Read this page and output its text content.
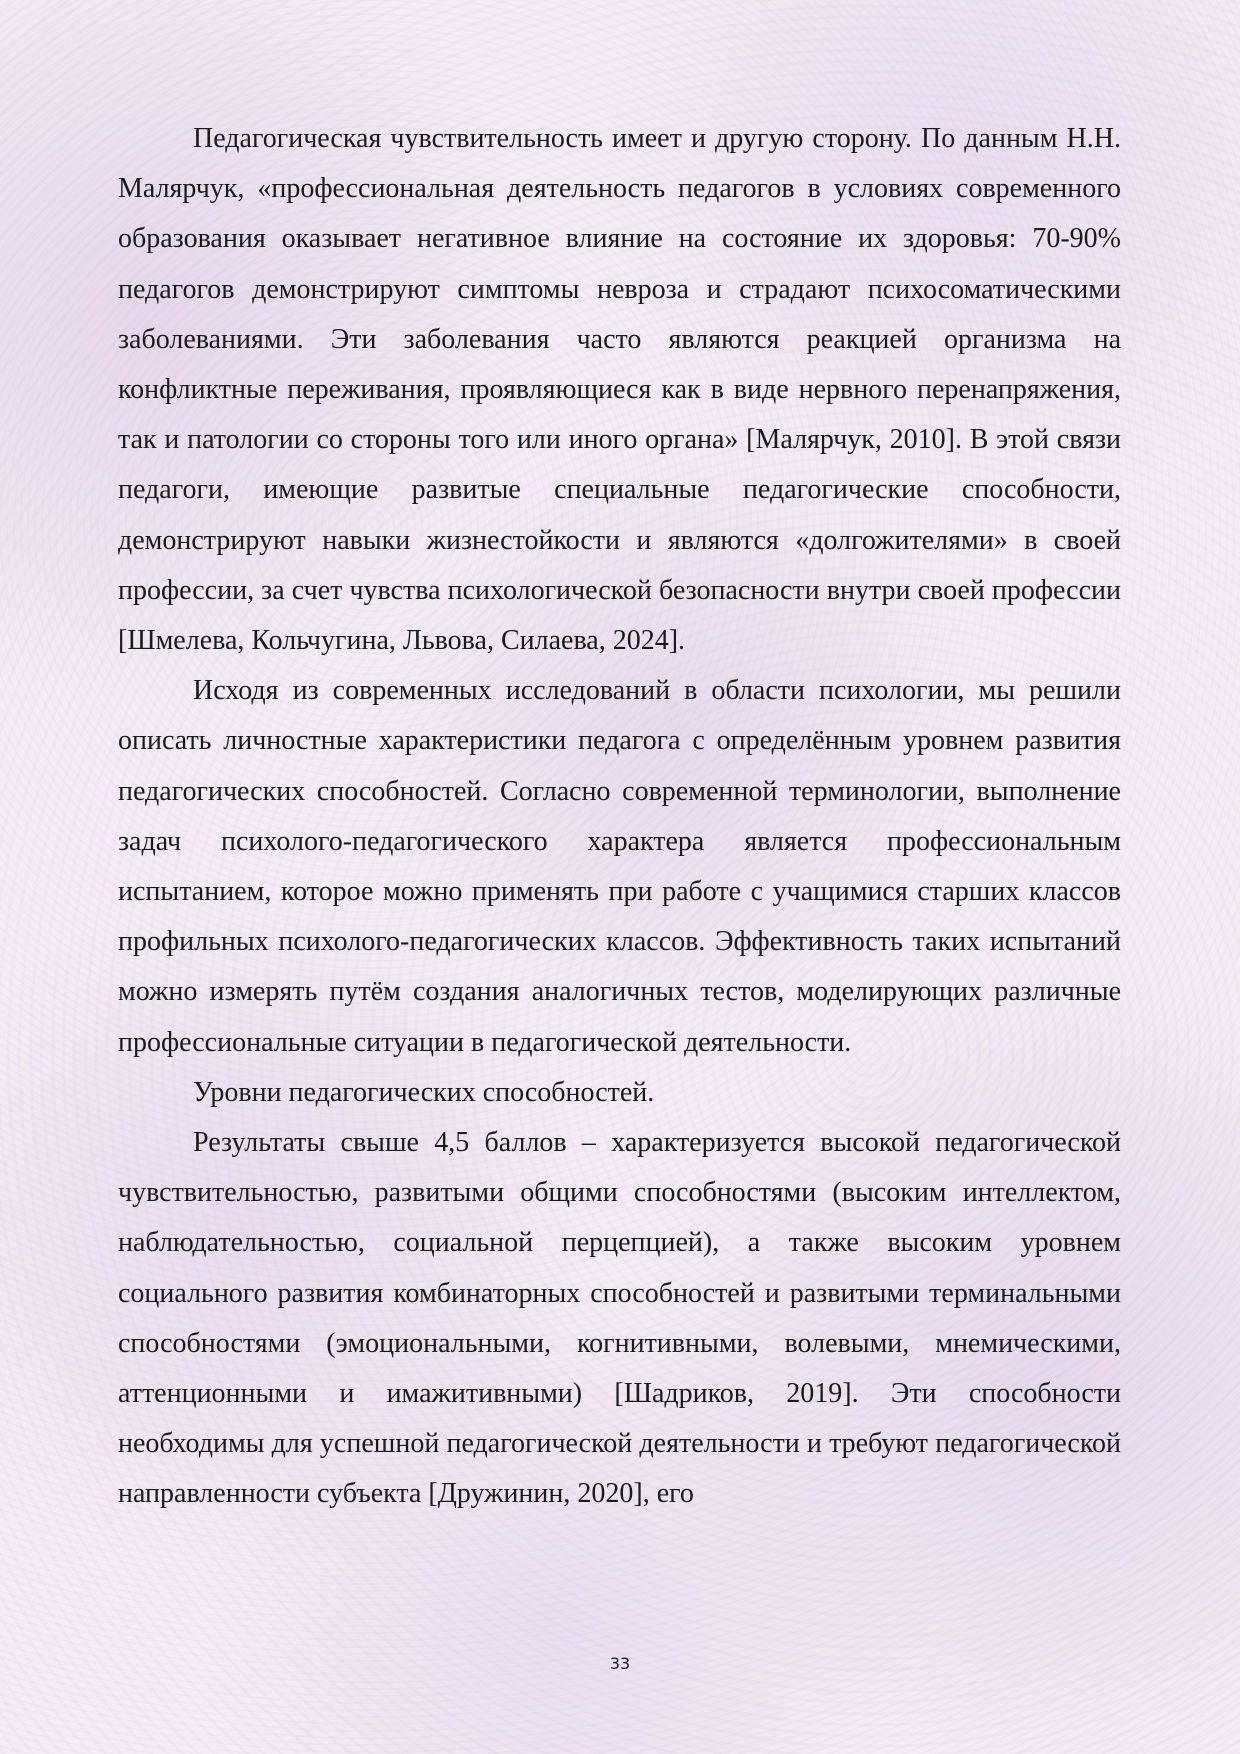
Педагогическая чувствительность имеет и другую сторону. По данным Н.Н. Малярчук, «профессиональная деятельность педагогов в условиях современного образования оказывает негативное влияние на состояние их здоровья: 70-90% педагогов демонстрируют симптомы невроза и страдают психосоматическими заболеваниями. Эти заболевания часто являются реакцией организма на конфликтные переживания, проявляющиеся как в виде нервного перенапряжения, так и патологии со стороны того или иного органа» [Малярчук, 2010]. В этой связи педагоги, имеющие развитые специальные педагогические способности, демонстрируют навыки жизнестойкости и являются «долгожителями» в своей профессии, за счет чувства психологической безопасности внутри своей профессии [Шмелева, Кольчугина, Львова, Силаева, 2024].

Исходя из современных исследований в области психологии, мы решили описать личностные характеристики педагога с определённым уровнем развития педагогических способностей. Согласно современной терминологии, выполнение задач психолого-педагогического характера является профессиональным испытанием, которое можно применять при работе с учащимися старших классов профильных психолого-педагогических классов. Эффективность таких испытаний можно измерять путём создания аналогичных тестов, моделирующих различные профессиональные ситуации в педагогической деятельности.

Уровни педагогических способностей.

Результаты свыше 4,5 баллов – характеризуется высокой педагогической чувствительностью, развитыми общими способностями (высоким интеллектом, наблюдательностью, социальной перцепцией), а также высоким уровнем социального развития комбинаторных способностей и развитыми терминальными способностями (эмоциональными, когнитивными, волевыми, мнемическими, аттенционными и имажитивными) [Шадриков, 2019]. Эти способности необходимы для успешной педагогической деятельности и требуют педагогической направленности субъекта [Дружинин, 2020], его

33
